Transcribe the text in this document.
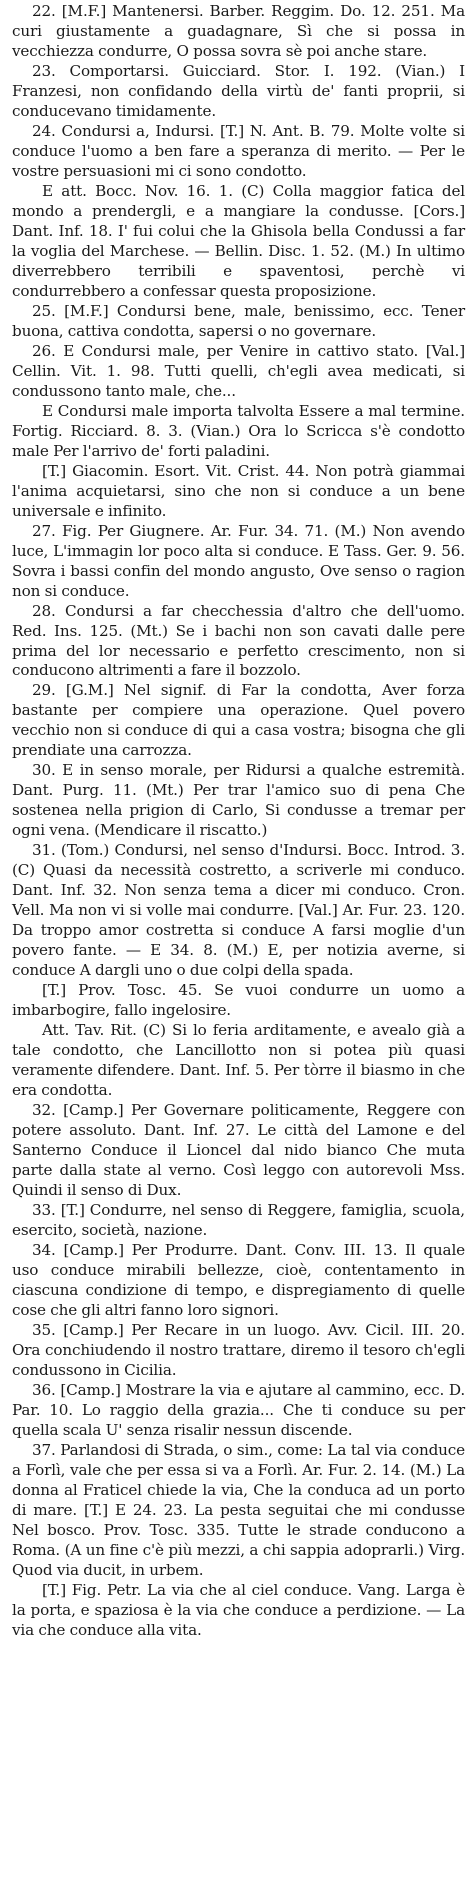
22. [M.F.] Mantenersi. Barber. Reggim. Do. 12. 251. Ma curi giustamente a guadagnare, Sì che si possa in vecchiezza condurre, O possa sovra sè poi anche stare.

23. Comportarsi. Guicciard. Stor. I. 192. (Vian.) I Franzesi, non confidando della virtù de' fanti proprii, si conducevano timidamente.

24. Condursi a, Indursi. [T.] N. Ant. B. 79. Molte volte si conduce l'uomo a ben fare a speranza di merito. — Per le vostre persuasioni mi ci sono condotto.

E att. Bocc. Nov. 16. 1. (C) Colla maggior fatica del mondo a prendergli, e a mangiare la condusse. [Cors.] Dant. Inf. 18. I' fui colui che la Ghisola bella Condussi a far la voglia del Marchese. — Bellin. Disc. 1. 52. (M.) In ultimo diverrebbero terribili e spaventosi, perchè vi condurrebbero a confessar questa proposizione.

25. [M.F.] Condursi bene, male, benissimo, ecc. Tener buona, cattiva condotta, sapersi o no governare.

26. E Condursi male, per Venire in cattivo stato. [Val.] Cellin. Vit. 1. 98. Tutti quelli, ch'egli avea medicati, si condussono tanto male, che...

E Condursi male importa talvolta Essere a mal termine. Fortig. Ricciard. 8. 3. (Vian.) Ora lo Scricca s'è condotto male Per l'arrivo de' forti paladini.

[T.] Giacomin. Esort. Vit. Crist. 44. Non potrà giammai l'anima acquietarsi, sino che non si conduce a un bene universale e infinito.

27. Fig. Per Giugnere. Ar. Fur. 34. 71. (M.) Non avendo luce, L'immagin lor poco alta si conduce. E Tass. Ger. 9. 56. Sovra i bassi confin del mondo angusto, Ove senso o ragion non si conduce.

28. Condursi a far checchessia d'altro che dell'uomo. Red. Ins. 125. (Mt.) Se i bachi non son cavati dalle pere prima del lor necessario e perfetto crescimento, non si conducono altrimenti a fare il bozzolo.

29. [G.M.] Nel signif. di Far la condotta, Aver forza bastante per compiere una operazione. Quel povero vecchio non si conduce di qui a casa vostra; bisogna che gli prendiate una carrozza.

30. E in senso morale, per Ridursi a qualche estremità. Dant. Purg. 11. (Mt.) Per trar l'amico suo di pena Che sostenea nella prigion di Carlo, Si condusse a tremar per ogni vena. (Mendicare il riscatto.)

31. (Tom.) Condursi, nel senso d'Indursi. Bocc. Introd. 3. (C) Quasi da necessità costretto, a scriverle mi conduco. Dant. Inf. 32. Non senza tema a dicer mi conduco. Cron. Vell. Ma non vi si volle mai condurre. [Val.] Ar. Fur. 23. 120. Da troppo amor costretta si conduce A farsi moglie d'un povero fante. — E 34. 8. (M.) E, per notizia averne, si conduce A dargli uno o due colpi della spada.

[T.] Prov. Tosc. 45. Se vuoi condurre un uomo a imbarbogire, fallo ingelosire.

Att. Tav. Rit. (C) Si lo feria arditamente, e avealo già a tale condotto, che Lancillotto non si potea più quasi veramente difendere. Dant. Inf. 5. Per tòrre il biasmo in che era condotta.

32. [Camp.] Per Governare politicamente, Reggere con potere assoluto. Dant. Inf. 27. Le città del Lamone e del Santerno Conduce il Lioncel dal nido bianco Che muta parte dalla state al verno. Così leggo con autorevoli Mss. Quindi il senso di Dux.

33. [T.] Condurre, nel senso di Reggere, famiglia, scuola, esercito, società, nazione.

34. [Camp.] Per Produrre. Dant. Conv. III. 13. Il quale uso conduce mirabili bellezze, cioè, contentamento in ciascuna condizione di tempo, e dispregiamento di quelle cose che gli altri fanno loro signori.

35. [Camp.] Per Recare in un luogo. Avv. Cicil. III. 20. Ora conchiudendo il nostro trattare, diremo il tesoro ch'egli condussono in Cicilia.

36. [Camp.] Mostrare la via e ajutare al cammino, ecc. D. Par. 10. Lo raggio della grazia... Che ti conduce su per quella scala U' senza risalir nessun discende.

37. Parlandosi di Strada, o sim., come: La tal via conduce a Forlì, vale che per essa si va a Forlì. Ar. Fur. 2. 14. (M.) La donna al Fraticel chiede la via, Che la conduca ad un porto di mare. [T.] E 24. 23. La pesta seguitai che mi condusse Nel bosco. Prov. Tosc. 335. Tutte le strade conducono a Roma. (A un fine c'è più mezzi, a chi sappia adoprarli.) Virg. Quod via ducit, in urbem.

[T.] Fig. Petr. La via che al ciel conduce. Vang. Larga è la porta, e spaziosa è la via che conduce a perdizione. — La via che conduce alla vita.
